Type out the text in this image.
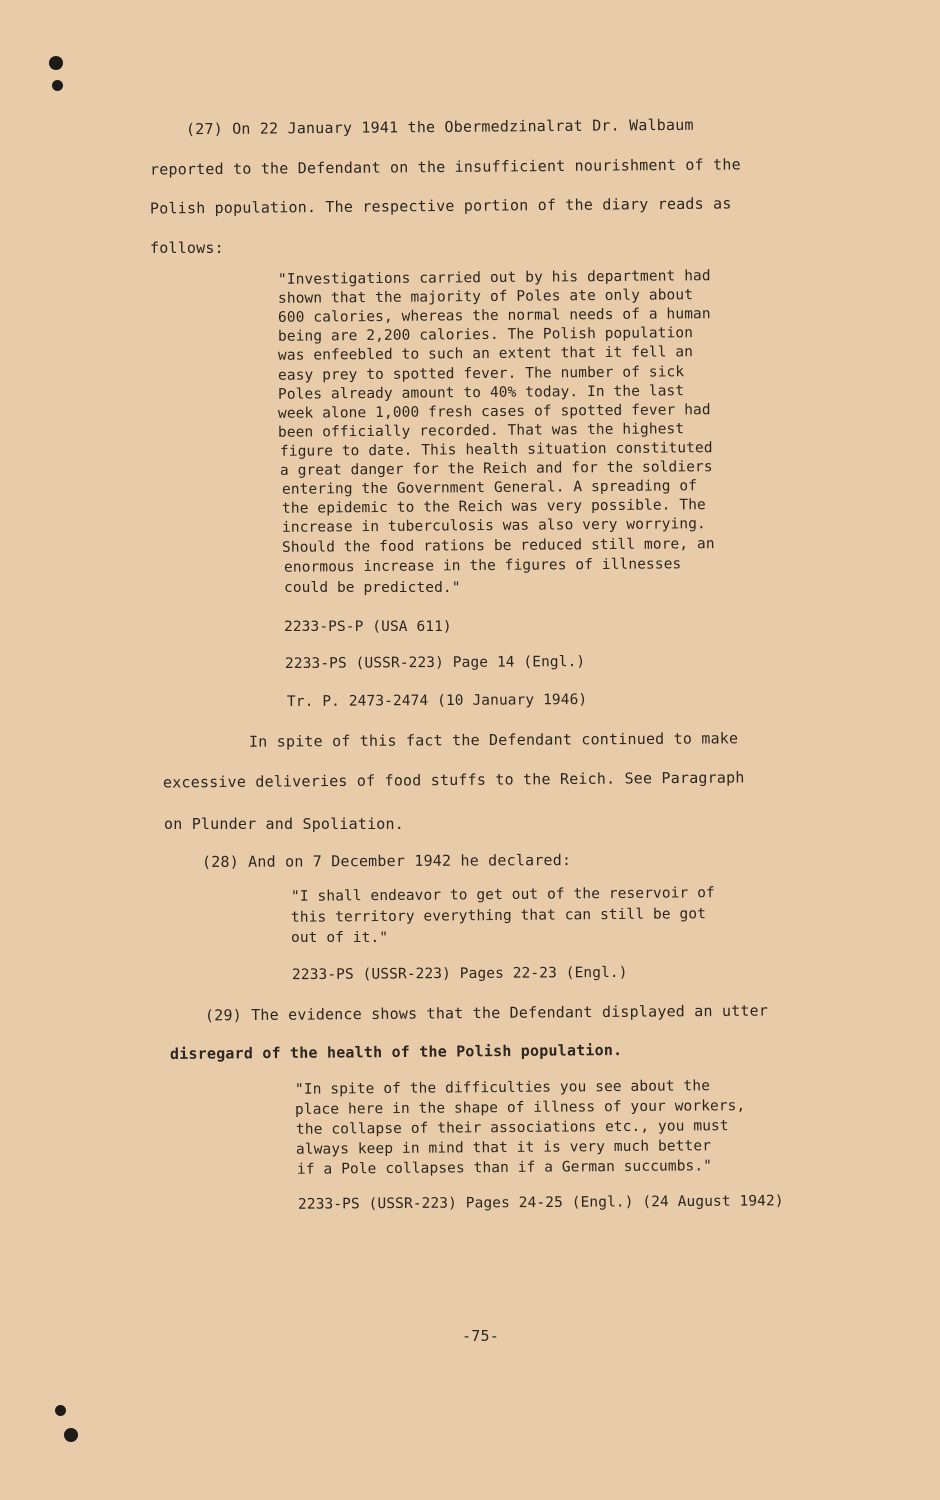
(27) On 22 January 1941 the Obermedzinalrat Dr. Walbaum
reported to the Defendant on the insufficient nourishment of the
Polish population. The respective portion of the diary reads as
follows:
"Investigations carried out by his department had
shown that the majority of Poles ate only about
600 calories, whereas the normal needs of a human
being are 2,200 calories. The Polish population
was enfeebled to such an extent that it fell an
easy prey to spotted fever. The number of sick
Poles already amount to 40% today. In the last
week alone 1,000 fresh cases of spotted fever had
been officially recorded. That was the highest
figure to date. This health situation constituted
a great danger for the Reich and for the soldiers
entering the Government General. A spreading of
the epidemic to the Reich was very possible. The
increase in tuberculosis was also very worrying.
Should the food rations be reduced still more, an
enormous increase in the figures of illnesses
could be predicted."
2233-PS-P (USA 611)
2233-PS (USSR-223) Page 14 (Engl.)
Tr. P. 2473-2474 (10 January 1946)
In spite of this fact the Defendant continued to make
excessive deliveries of food stuffs to the Reich. See Paragraph
on Plunder and Spoliation.
(28) And on 7 December 1942 he declared:
"I shall endeavor to get out of the reservoir of
this territory everything that can still be got
out of it."
2233-PS (USSR-223) Pages 22-23 (Engl.)
(29) The evidence shows that the Defendant displayed an utter
disregard of the health of the Polish population.
"In spite of the difficulties you see about the
place here in the shape of illness of your workers,
the collapse of their associations etc., you must
always keep in mind that it is very much better
if a Pole collapses than if a German succumbs."
2233-PS (USSR-223) Pages 24-25 (Engl.) (24 August 1942)
-75-
